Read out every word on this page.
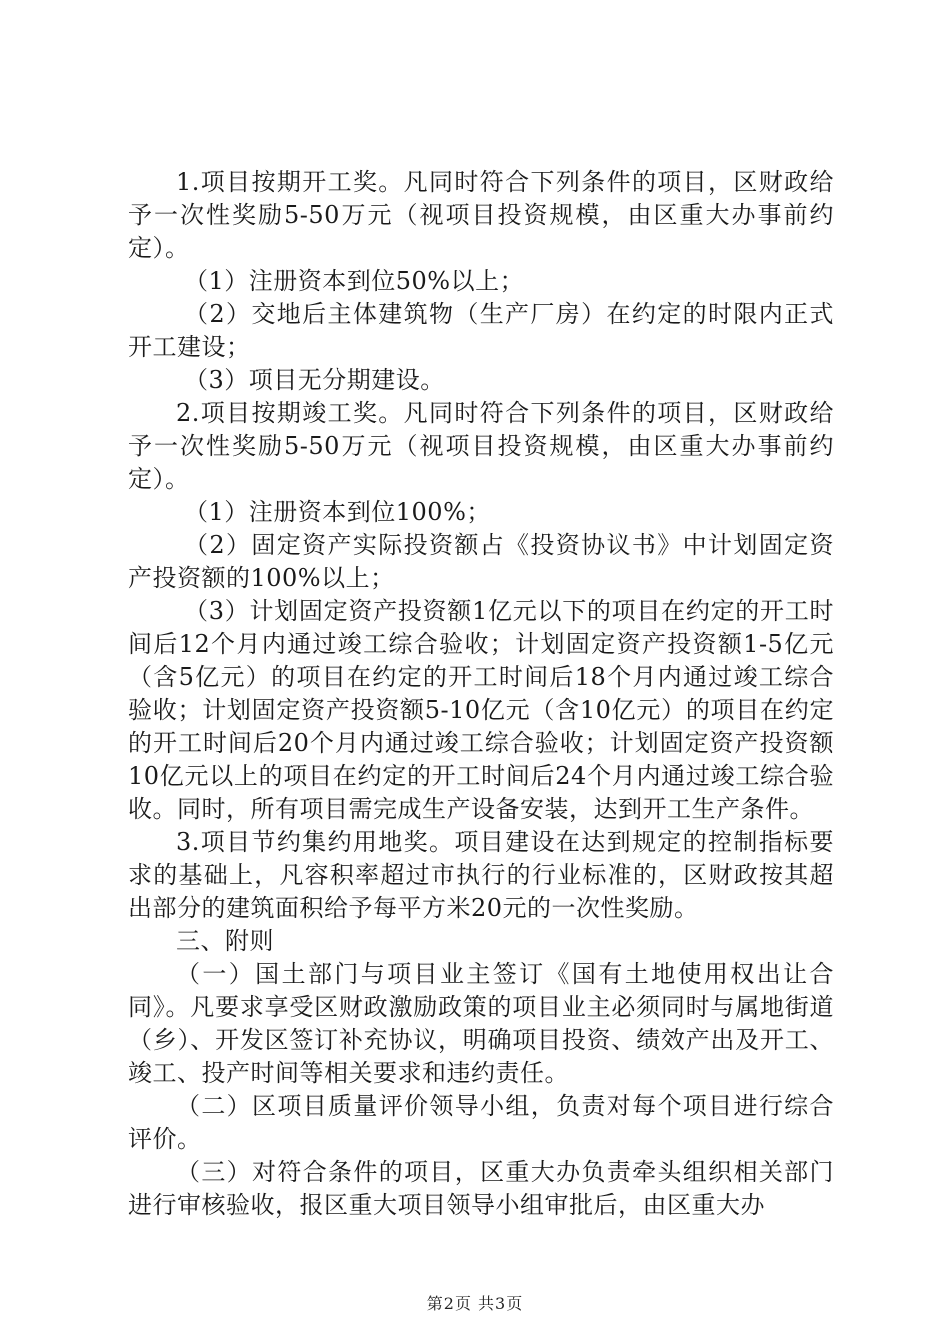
1.项目按期开工奖。凡同时符合下列条件的项目，区财政给予一次性奖励5-50万元（视项目投资规模，由区重大办事前约定）。

（1）注册资本到位50%以上；

（2）交地后主体建筑物（生产厂房）在约定的时限内正式开工建设；

（3）项目无分期建设。

2.项目按期竣工奖。凡同时符合下列条件的项目，区财政给予一次性奖励5-50万元（视项目投资规模，由区重大办事前约定）。

（1）注册资本到位100%；

（2）固定资产实际投资额占《投资协议书》中计划固定资产投资额的100%以上；

（3）计划固定资产投资额1亿元以下的项目在约定的开工时间后12个月内通过竣工综合验收；计划固定资产投资额1-5亿元（含5亿元）的项目在约定的开工时间后18个月内通过竣工综合验收；计划固定资产投资额5-10亿元（含10亿元）的项目在约定的开工时间后20个月内通过竣工综合验收；计划固定资产投资额10亿元以上的项目在约定的开工时间后24个月内通过竣工综合验收。同时，所有项目需完成生产设备安装，达到开工生产条件。

3.项目节约集约用地奖。项目建设在达到规定的控制指标要求的基础上，凡容积率超过市执行的行业标准的，区财政按其超出部分的建筑面积给予每平方米20元的一次性奖励。

三、附则

（一）国土部门与项目业主签订《国有土地使用权出让合同》。凡要求享受区财政激励政策的项目业主必须同时与属地街道（乡）、开发区签订补充协议，明确项目投资、绩效产出及开工、竣工、投产时间等相关要求和违约责任。

（二）区项目质量评价领导小组，负责对每个项目进行综合评价。

（三）对符合条件的项目，区重大办负责牵头组织相关部门进行审核验收，报区重大项目领导小组审批后，由区重大办

第2页 共3页
